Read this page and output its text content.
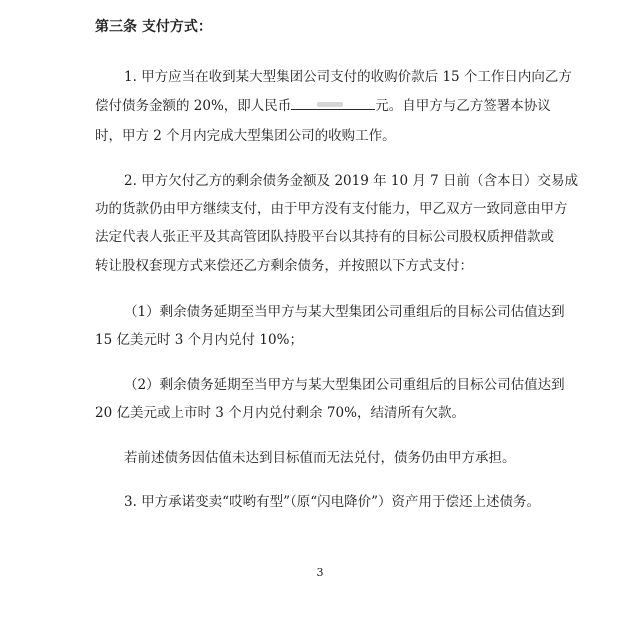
第三条 支付方式：
1. 甲方应当在收到某大型集团公司支付的收购价款后 15 个工作日内向乙方
偿付债务金额的 20%，即人民币	元。自甲方与乙方签署本协议
时，甲方 2 个月内完成大型集团公司的收购工作。
2. 甲方欠付乙方的剩余债务金额及 2019 年 10 月 7 日前（含本日）交易成
功的货款仍由甲方继续支付，由于甲方没有支付能力，甲乙双方一致同意由甲方
法定代表人张正平及其高管团队持股平台以其持有的目标公司股权质押借款或
转让股权套现方式来偿还乙方剩余债务，并按照以下方式支付：
（1）剩余债务延期至当甲方与某大型集团公司重组后的目标公司估值达到
15 亿美元时 3 个月内兑付 10%；
（2）剩余债务延期至当甲方与某大型集团公司重组后的目标公司估值达到
20 亿美元或上市时 3 个月内兑付剩余 70%，结清所有欠款。
若前述债务因估值未达到目标值而无法兑付，债务仍由甲方承担。
3. 甲方承诺变卖“哎哟有型”（原“闪电降价”）资产用于偿还上述债务。
3
